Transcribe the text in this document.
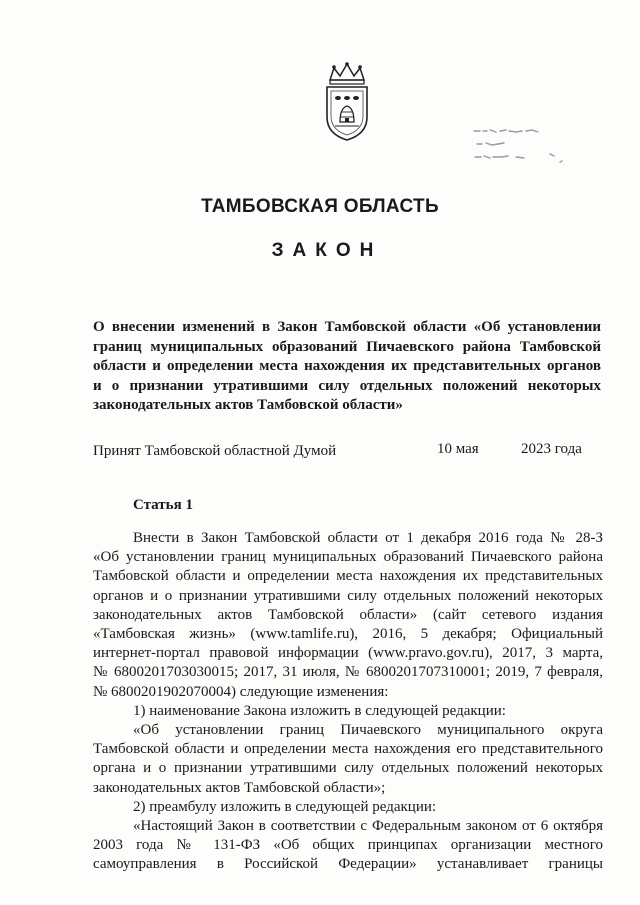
ТАМБОВСКАЯ ОБЛАСТЬ
ЗАКОН
О внесении изменений в Закон Тамбовской области «Об установлении
границ муниципальных образований Пичаевского района Тамбовской
области и определении места нахождения их представительных органов
и о признании утратившими силу отдельных положений некоторых
законодательных актов Тамбовской области»
Принят Тамбовской областной Думой	10 мая	2023 года
Статья 1
Внести в Закон Тамбовской области от 1 декабря 2016 года № 28-З
«Об установлении границ муниципальных образований Пичаевского района
Тамбовской области и определении места нахождения их представительных
органов и о признании утратившими силу отдельных положений некоторых
законодательных актов Тамбовской области» (сайт сетевого издания
«Тамбовская жизнь» (www.tamlife.ru), 2016, 5 декабря; Официальный
интернет-портал правовой информации (www.pravo.gov.ru), 2017, 3 марта,
№ 6800201703030015; 2017, 31 июля, № 6800201707310001; 2019, 7 февраля,
№ 6800201902070004) следующие изменения:
1) наименование Закона изложить в следующей редакции:
«Об установлении границ Пичаевского муниципального округа
Тамбовской области и определении места нахождения его представительного
органа и о признании утратившими силу отдельных положений некоторых
законодательных актов Тамбовской области»;
2) преамбулу изложить в следующей редакции:
«Настоящий Закон в соответствии с Федеральным законом от 6 октября
2003 года № 131-ФЗ «Об общих принципах организации местного
самоуправления в Российской Федерации» устанавливает границы
